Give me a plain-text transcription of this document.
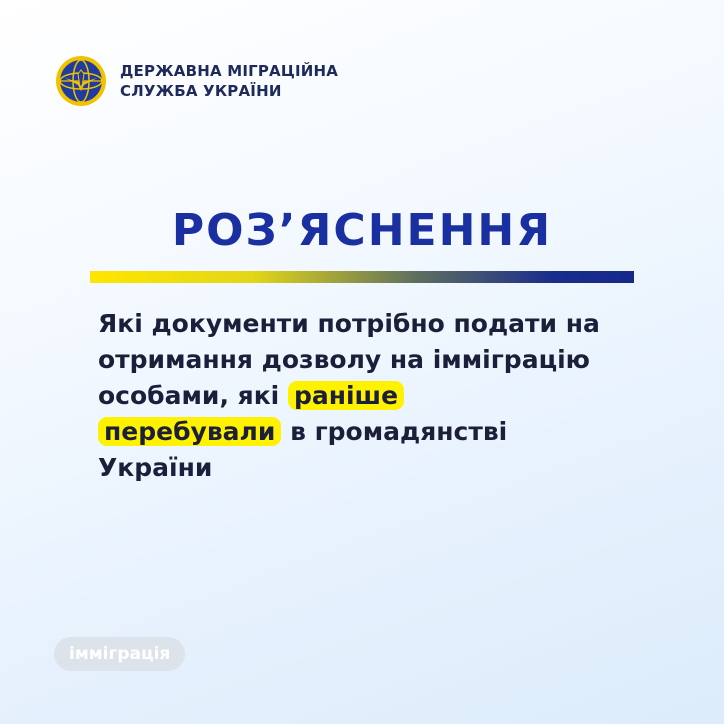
ДЕРЖАВНА МІГРАЦІЙНА
СЛУЖБА УКРАЇНИ
РОЗ’ЯСНЕННЯ
Які документи потрібно подати на отримання дозволу на імміграцію особами, які раніше
перебували в громадянстві України
імміграція
